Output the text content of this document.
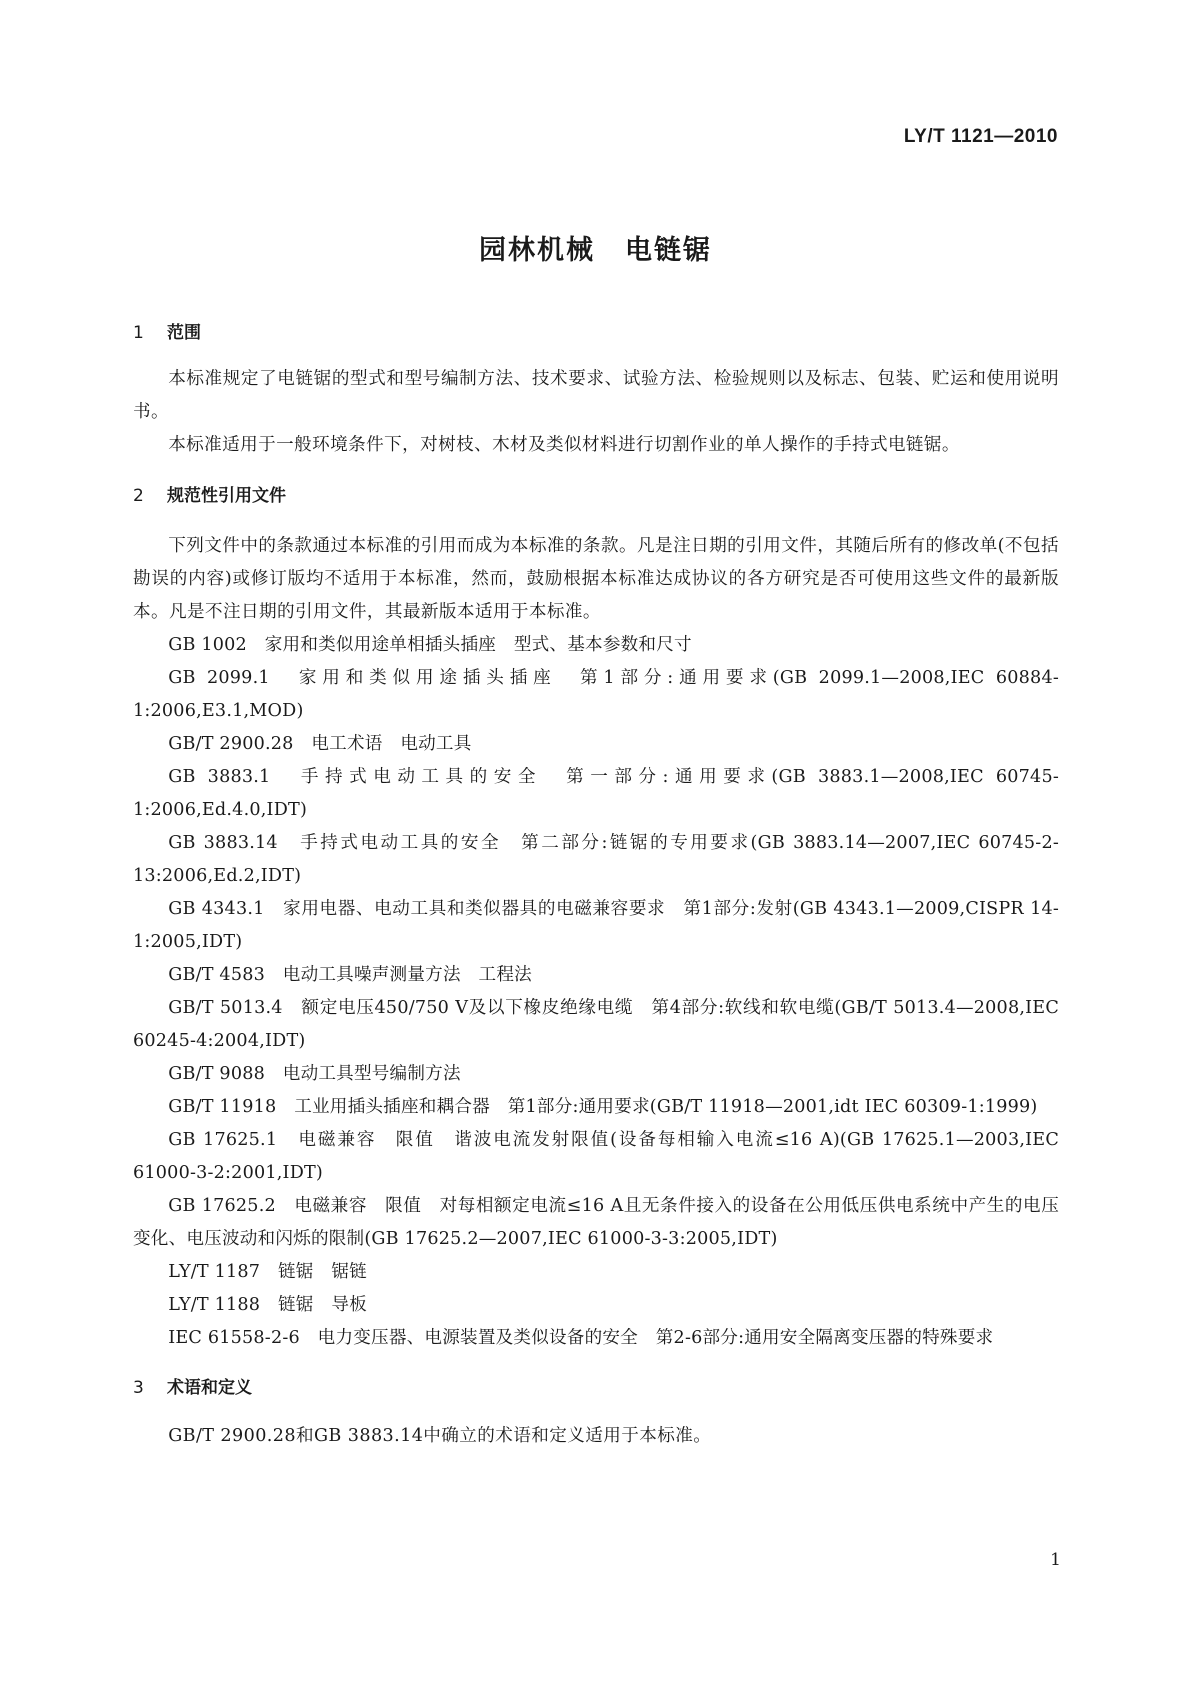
LY/T 1121—2010
园林机械 电链锯
1 范围

本标准规定了电链锯的型式和型号编制方法、技术要求、试验方法、检验规则以及标志、包装、贮运和使用说明书。

本标准适用于一般环境条件下，对树枝、木材及类似材料进行切割作业的单人操作的手持式电链锯。

2 规范性引用文件

下列文件中的条款通过本标准的引用而成为本标准的条款。凡是注日期的引用文件，其随后所有的修改单(不包括勘误的内容)或修订版均不适用于本标准，然而，鼓励根据本标准达成协议的各方研究是否可使用这些文件的最新版本。凡是不注日期的引用文件，其最新版本适用于本标准。

GB 1002　家用和类似用途单相插头插座　型式、基本参数和尺寸

GB 2099.1　家用和类似用途插头插座　第1部分:通用要求(GB 2099.1—2008,IEC 60884-1:2006,E3.1,MOD)

GB/T 2900.28　电工术语　电动工具

GB 3883.1　手持式电动工具的安全　第一部分:通用要求(GB 3883.1—2008,IEC 60745-1:2006,Ed.4.0,IDT)

GB 3883.14　手持式电动工具的安全　第二部分:链锯的专用要求(GB 3883.14—2007,IEC 60745-2-13:2006,Ed.2,IDT)

GB 4343.1　家用电器、电动工具和类似器具的电磁兼容要求　第1部分:发射(GB 4343.1—2009,CISPR 14-1:2005,IDT)

GB/T 4583　电动工具噪声测量方法　工程法

GB/T 5013.4　额定电压450/750 V及以下橡皮绝缘电缆　第4部分:软线和软电缆(GB/T 5013.4—2008,IEC 60245-4:2004,IDT)

GB/T 9088　电动工具型号编制方法

GB/T 11918　工业用插头插座和耦合器　第1部分:通用要求(GB/T 11918—2001,idt IEC 60309-1:1999)

GB 17625.1　电磁兼容　限值　谐波电流发射限值(设备每相输入电流≤16 A)(GB 17625.1—2003,IEC 61000-3-2:2001,IDT)

GB 17625.2　电磁兼容　限值　对每相额定电流≤16 A且无条件接入的设备在公用低压供电系统中产生的电压变化、电压波动和闪烁的限制(GB 17625.2—2007,IEC 61000-3-3:2005,IDT)

LY/T 1187　链锯　锯链

LY/T 1188　链锯　导板

IEC 61558-2-6　电力变压器、电源装置及类似设备的安全　第2-6部分:通用安全隔离变压器的特殊要求

3 术语和定义

GB/T 2900.28和GB 3883.14中确立的术语和定义适用于本标准。

1
